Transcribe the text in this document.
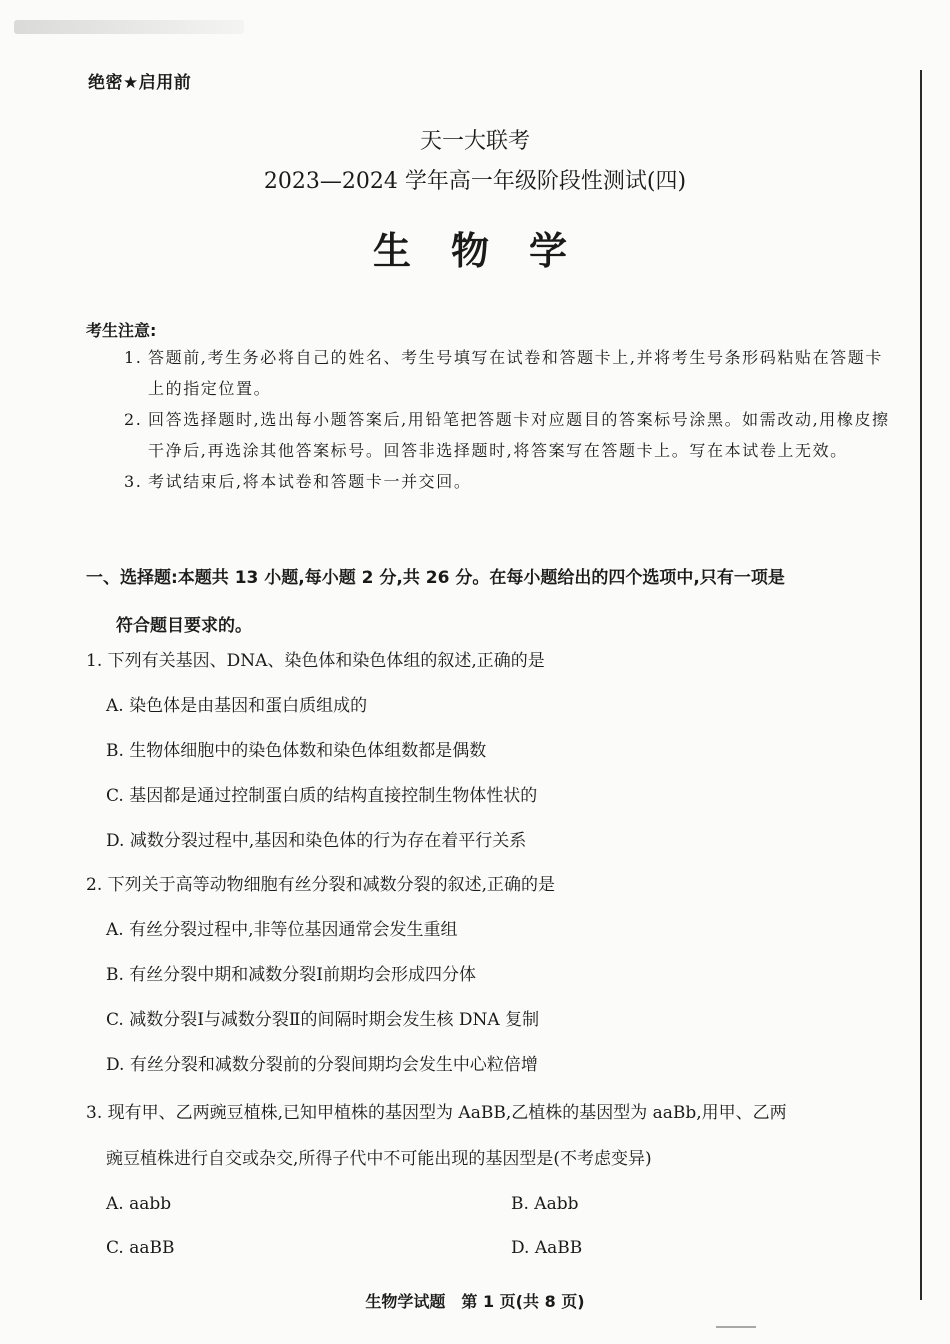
绝密★启用前
天一大联考
2023—2024 学年高一年级阶段性测试(四)
生物学
考生注意:

1. 答题前,考生务必将自己的姓名、考生号填写在试卷和答题卡上,并将考生号条形码粘贴在答题卡上的指定位置。

2. 回答选择题时,选出每小题答案后,用铅笔把答题卡对应题目的答案标号涂黑。如需改动,用橡皮擦干净后,再选涂其他答案标号。回答非选择题时,将答案写在答题卡上。写在本试卷上无效。

3. 考试结束后,将本试卷和答题卡一并交回。

一、选择题:本题共 13 小题,每小题 2 分,共 26 分。在每小题给出的四个选项中,只有一项是
符合题目要求的。

1. 下列有关基因、DNA、染色体和染色体组的叙述,正确的是

A. 染色体是由基因和蛋白质组成的

B. 生物体细胞中的染色体数和染色体组数都是偶数

C. 基因都是通过控制蛋白质的结构直接控制生物体性状的

D. 减数分裂过程中,基因和染色体的行为存在着平行关系

2. 下列关于高等动物细胞有丝分裂和减数分裂的叙述,正确的是

A. 有丝分裂过程中,非等位基因通常会发生重组

B. 有丝分裂中期和减数分裂Ⅰ前期均会形成四分体

C. 减数分裂Ⅰ与减数分裂Ⅱ的间隔时期会发生核 DNA 复制

D. 有丝分裂和减数分裂前的分裂间期均会发生中心粒倍增

3. 现有甲、乙两豌豆植株,已知甲植株的基因型为 AaBB,乙植株的基因型为 aaBb,用甲、乙两

豌豆植株进行自交或杂交,所得子代中不可能出现的基因型是(不考虑变异)

A. aabb	B. Aabb
C. aaBB	D. AaBB
生物学试题　第 1 页(共 8 页)
